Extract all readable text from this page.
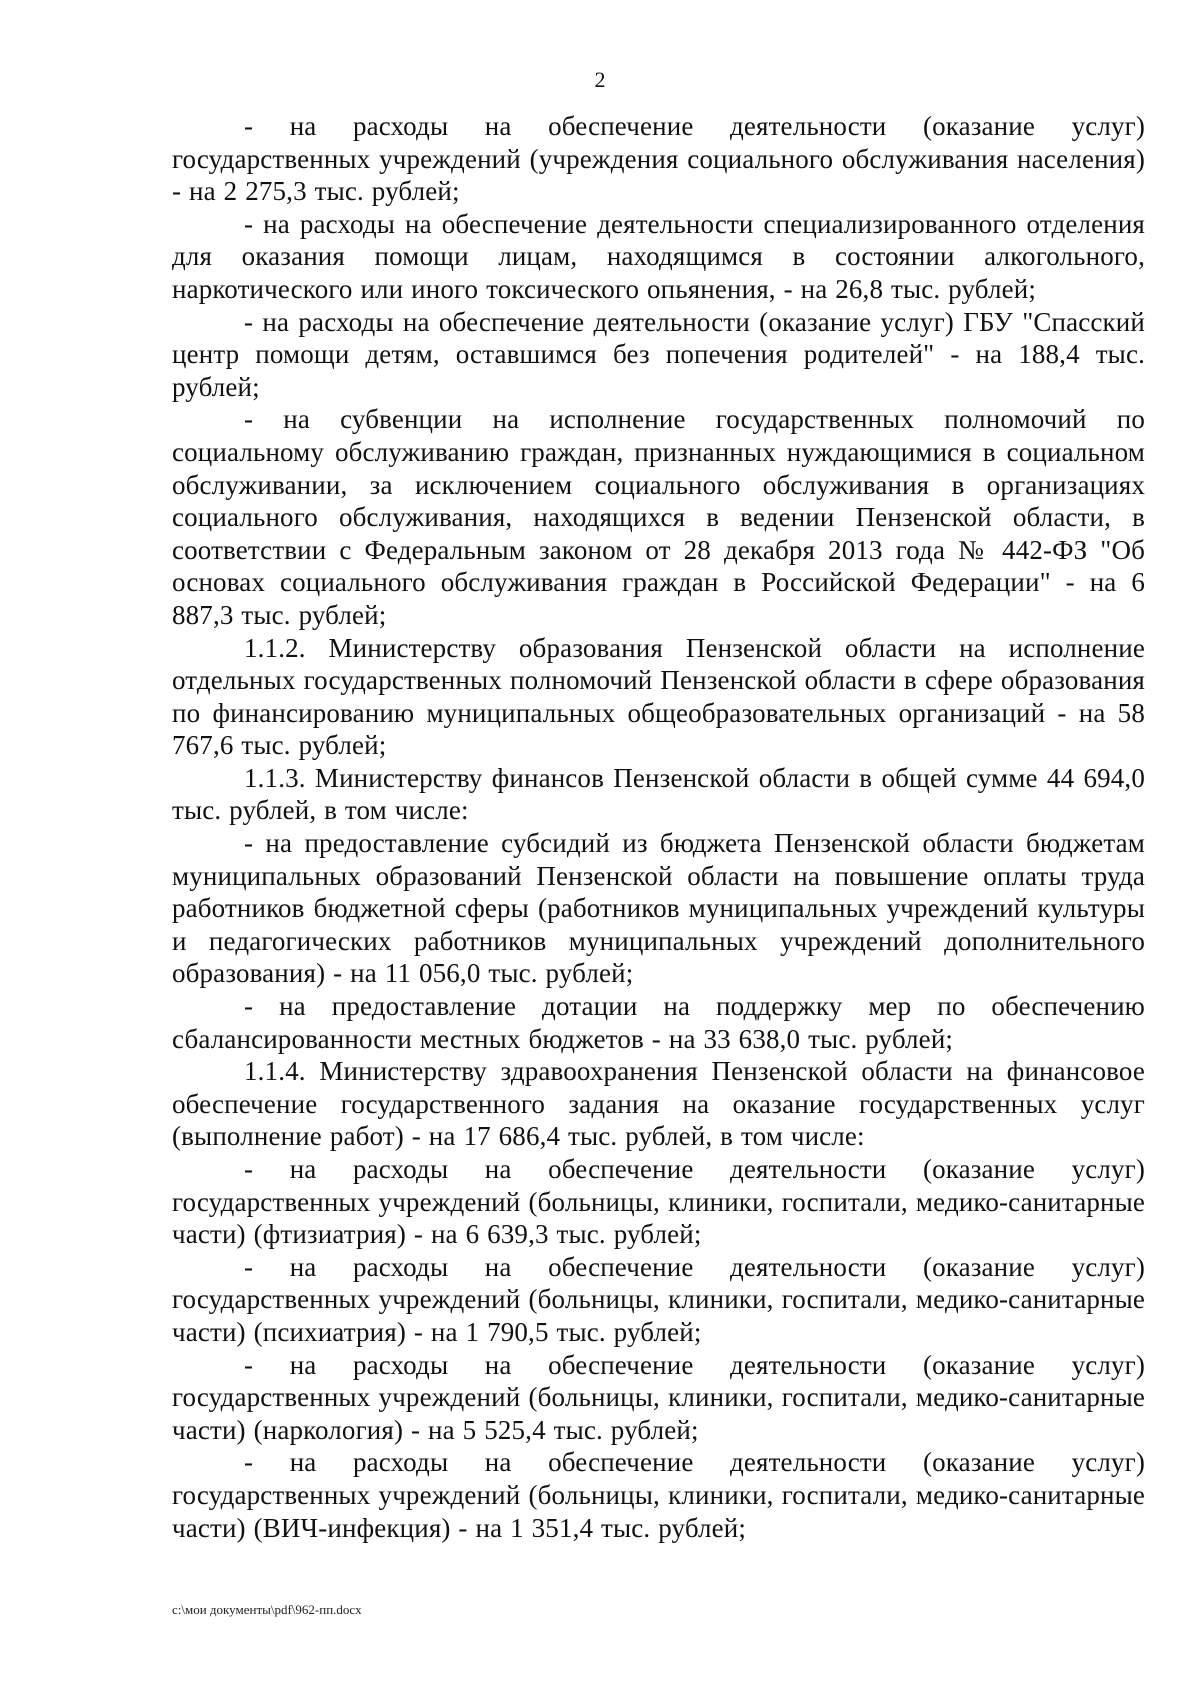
2

- на расходы на обеспечение деятельности (оказание услуг) государственных учреждений (учреждения социального обслуживания населения) - на 2 275,3 тыс. рублей;

- на расходы на обеспечение деятельности специализированного отделения для оказания помощи лицам, находящимся в состоянии алкогольного, наркотического или иного токсического опьянения, - на 26,8 тыс. рублей;

- на расходы на обеспечение деятельности (оказание услуг) ГБУ "Спасский центр помощи детям, оставшимся без попечения родителей" - на 188,4 тыс. рублей;

- на субвенции на исполнение государственных полномочий по социальному обслуживанию граждан, признанных нуждающимися в социальном обслуживании, за исключением социального обслуживания в организациях социального обслуживания, находящихся в ведении Пензенской области, в соответствии с Федеральным законом от 28 декабря 2013 года № 442-ФЗ "Об основах социального обслуживания граждан в Российской Федерации" - на 6 887,3 тыс. рублей;

1.1.2. Министерству образования Пензенской области на исполнение отдельных государственных полномочий Пензенской области в сфере образования по финансированию муниципальных общеобразовательных организаций - на 58 767,6 тыс. рублей;

1.1.3. Министерству финансов Пензенской области в общей сумме 44 694,0 тыс. рублей, в том числе:

- на предоставление субсидий из бюджета Пензенской области бюджетам муниципальных образований Пензенской области на повышение оплаты труда работников бюджетной сферы (работников муниципальных учреждений культуры и педагогических работников муниципальных учреждений дополнительного образования) - на 11 056,0 тыс. рублей;

- на предоставление дотации на поддержку мер по обеспечению сбалансированности местных бюджетов - на 33 638,0 тыс. рублей;

1.1.4. Министерству здравоохранения Пензенской области на финансовое обеспечение государственного задания на оказание государственных услуг (выполнение работ) - на 17 686,4 тыс. рублей, в том числе:

- на расходы на обеспечение деятельности (оказание услуг) государственных учреждений (больницы, клиники, госпитали, медико-санитарные части) (фтизиатрия) - на 6 639,3 тыс. рублей;

- на расходы на обеспечение деятельности (оказание услуг) государственных учреждений (больницы, клиники, госпитали, медико-санитарные части) (психиатрия) - на 1 790,5 тыс. рублей;

- на расходы на обеспечение деятельности (оказание услуг) государственных учреждений (больницы, клиники, госпитали, медико-санитарные части) (наркология) - на 5 525,4 тыс. рублей;

- на расходы на обеспечение деятельности (оказание услуг) государственных учреждений (больницы, клиники, госпитали, медико-санитарные части) (ВИЧ-инфекция) - на 1 351,4 тыс. рублей;

c:\мои документы\pdf\962-пп.docx
